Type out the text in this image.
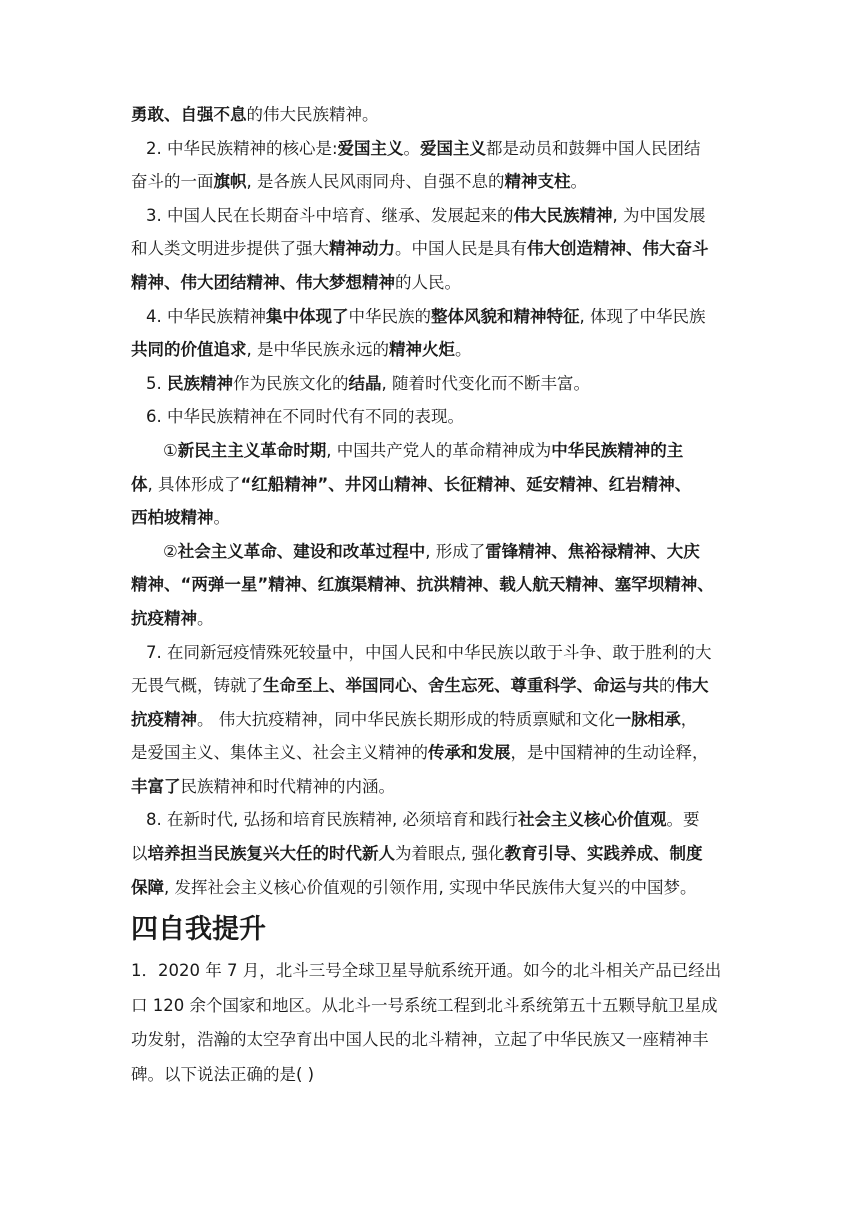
勇敢、自强不息的伟大民族精神。
2. 中华民族精神的核心是:爱国主义。爱国主义都是动员和鼓舞中国人民团结
奋斗的一面旗帜, 是各族人民风雨同舟、自强不息的精神支柱。
3. 中国人民在长期奋斗中培育、继承、发展起来的伟大民族精神, 为中国发展
和人类文明进步提供了强大精神动力。中国人民是具有伟大创造精神、伟大奋斗
精神、伟大团结精神、伟大梦想精神的人民。
4. 中华民族精神集中体现了中华民族的整体风貌和精神特征, 体现了中华民族
共同的价值追求, 是中华民族永远的精神火炬。
5. 民族精神作为民族文化的结晶, 随着时代变化而不断丰富。
6. 中华民族精神在不同时代有不同的表现。
①新民主主义革命时期, 中国共产党人的革命精神成为中华民族精神的主
体, 具体形成了“红船精神”、井冈山精神、长征精神、延安精神、红岩精神、
西柏坡精神。
②社会主义革命、建设和改革过程中, 形成了雷锋精神、焦裕禄精神、大庆
精神、“两弹一星”精神、红旗渠精神、抗洪精神、载人航天精神、塞罕坝精神、
抗疫精神。
7. 在同新冠疫情殊死较量中，中国人民和中华民族以敢于斗争、敢于胜利的大
无畏气概，铸就了生命至上、举国同心、舍生忘死、尊重科学、命运与共的伟大
抗疫精神。 伟大抗疫精神，同中华民族长期形成的特质禀赋和文化一脉相承，
是爱国主义、集体主义、社会主义精神的传承和发展，是中国精神的生动诠释，
丰富了民族精神和时代精神的内涵。
8. 在新时代, 弘扬和培育民族精神, 必须培育和践行社会主义核心价值观。要
以培养担当民族复兴大任的时代新人为着眼点, 强化教育引导、实践养成、制度
保障, 发挥社会主义核心价值观的引领作用, 实现中华民族伟大复兴的中国梦。
四自我提升
1．2020 年 7 月，北斗三号全球卫星导航系统开通。如今的北斗相关产品已经出
口 120 余个国家和地区。从北斗一号系统工程到北斗系统第五十五颗导航卫星成
功发射，浩瀚的太空孕育出中国人民的北斗精神，立起了中华民族又一座精神丰
碑。以下说法正确的是( )
